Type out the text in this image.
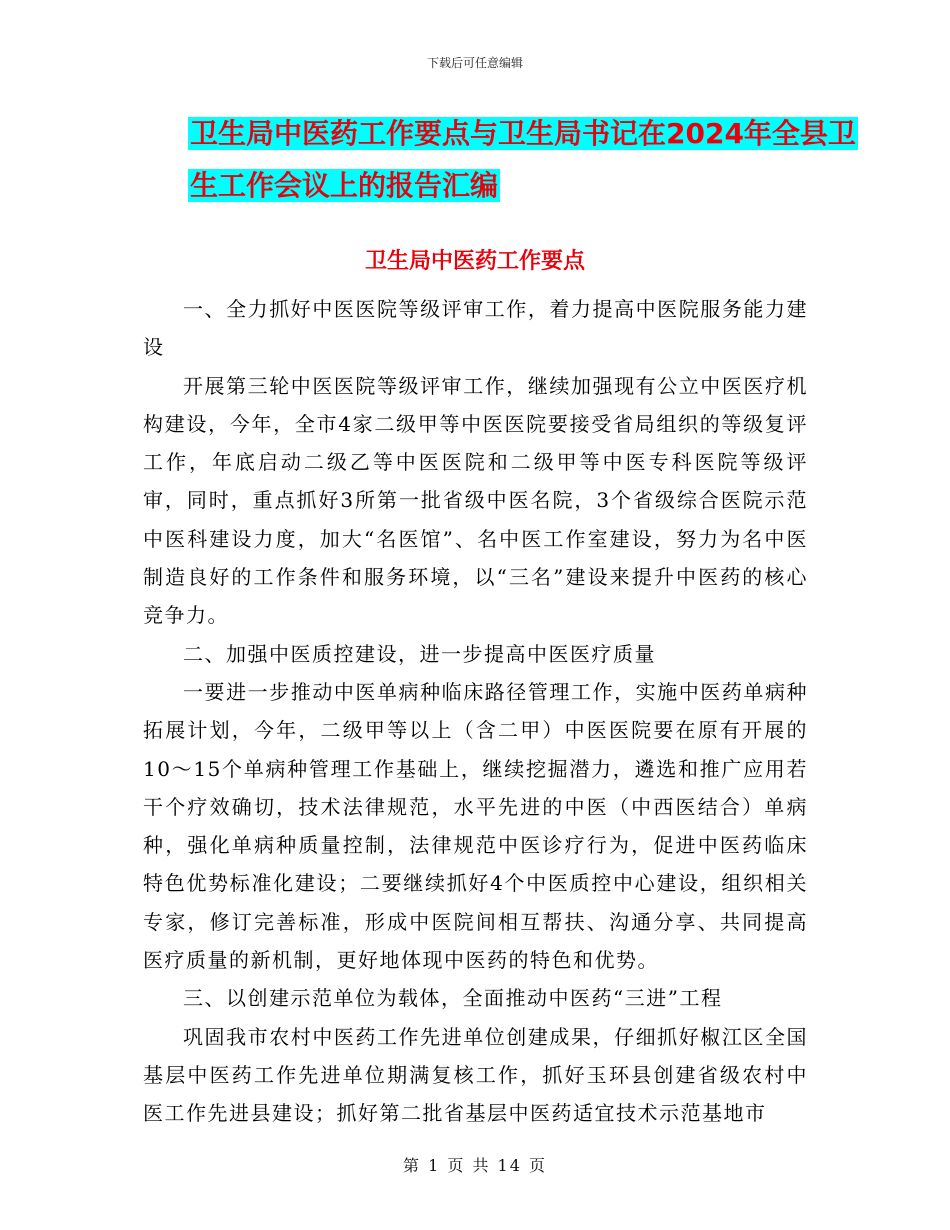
下载后可任意编辑
卫生局中医药工作要点与卫生局书记在2024年全县卫
生工作会议上的报告汇编
卫生局中医药工作要点

一、全力抓好中医医院等级评审工作，着力提高中医院服务能力建设

开展第三轮中医医院等级评审工作，继续加强现有公立中医医疗机构建设，今年，全市4家二级甲等中医医院要接受省局组织的等级复评工作，年底启动二级乙等中医医院和二级甲等中医专科医院等级评审，同时，重点抓好3所第一批省级中医名院，3个省级综合医院示范中医科建设力度，加大“名医馆”、名中医工作室建设，努力为名中医制造良好的工作条件和服务环境，以“三名”建设来提升中医药的核心竞争力。

二、加强中医质控建设，进一步提高中医医疗质量

一要进一步推动中医单病种临床路径管理工作，实施中医药单病种拓展计划，今年，二级甲等以上（含二甲）中医医院要在原有开展的10～15个单病种管理工作基础上，继续挖掘潜力，遴选和推广应用若干个疗效确切，技术法律规范，水平先进的中医（中西医结合）单病种，强化单病种质量控制，法律规范中医诊疗行为，促进中医药临床特色优势标准化建设；二要继续抓好4个中医质控中心建设，组织相关专家，修订完善标准，形成中医院间相互帮扶、沟通分享、共同提高医疗质量的新机制，更好地体现中医药的特色和优势。

三、以创建示范单位为载体，全面推动中医药“三进”工程

巩固我市农村中医药工作先进单位创建成果，仔细抓好椒江区全国基层中医药工作先进单位期满复核工作，抓好玉环县创建省级农村中医工作先进县建设；抓好第二批省基层中医药适宜技术示范基地市

第 1 页 共 14 页
